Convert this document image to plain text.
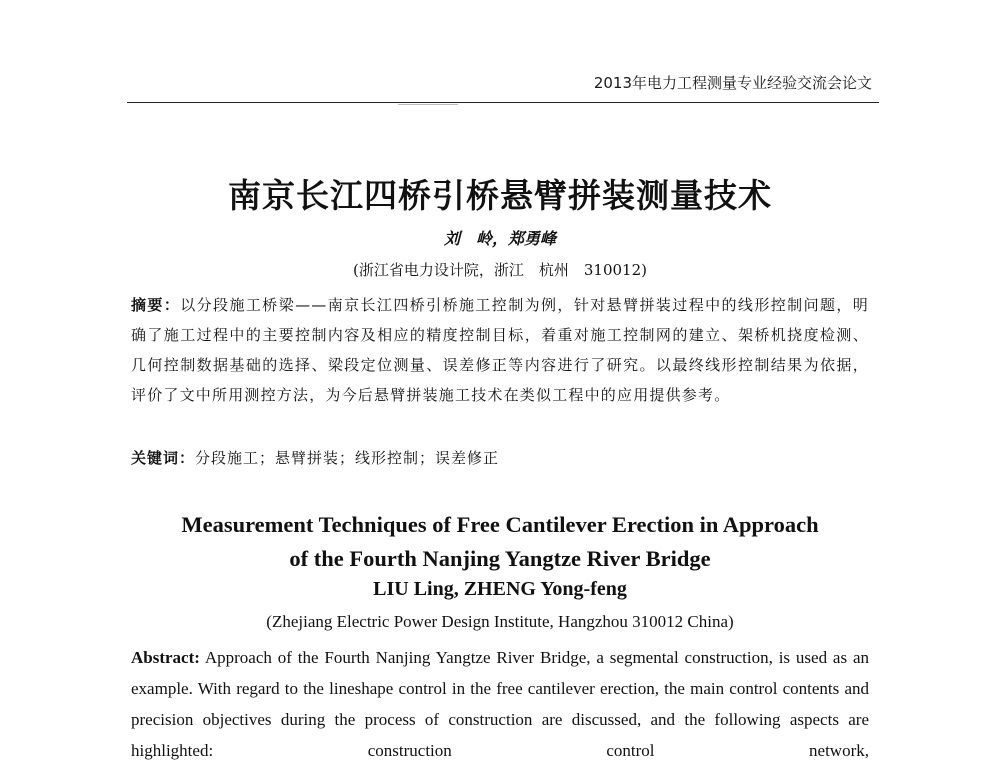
2013年电力工程测量专业经验交流会论文
南京长江四桥引桥悬臂拼装测量技术
刘　岭，郑勇峰
(浙江省电力设计院，浙江　杭州　310012)
摘要：以分段施工桥梁——南京长江四桥引桥施工控制为例，针对悬臂拼装过程中的线形控制问题，明确了施工过程中的主要控制内容及相应的精度控制目标，着重对施工控制网的建立、架桥机挠度检测、几何控制数据基础的选择、梁段定位测量、误差修正等内容进行了研究。以最终线形控制结果为依据，评价了文中所用测控方法，为今后悬臂拼装施工技术在类似工程中的应用提供参考。
关键词：分段施工；悬臂拼装；线形控制；误差修正
Measurement Techniques of Free Cantilever Erection in Approach
of the Fourth Nanjing Yangtze River Bridge
LIU Ling, ZHENG Yong-feng
(Zhejiang Electric Power Design Institute, Hangzhou 310012 China)
Abstract: Approach of the Fourth Nanjing Yangtze River Bridge, a segmental construction, is used as an example. With regard to the lineshape control in the free cantilever erection, the main control contents and precision objectives during the process of construction are discussed, and the following aspects are highlighted: construction control network,
